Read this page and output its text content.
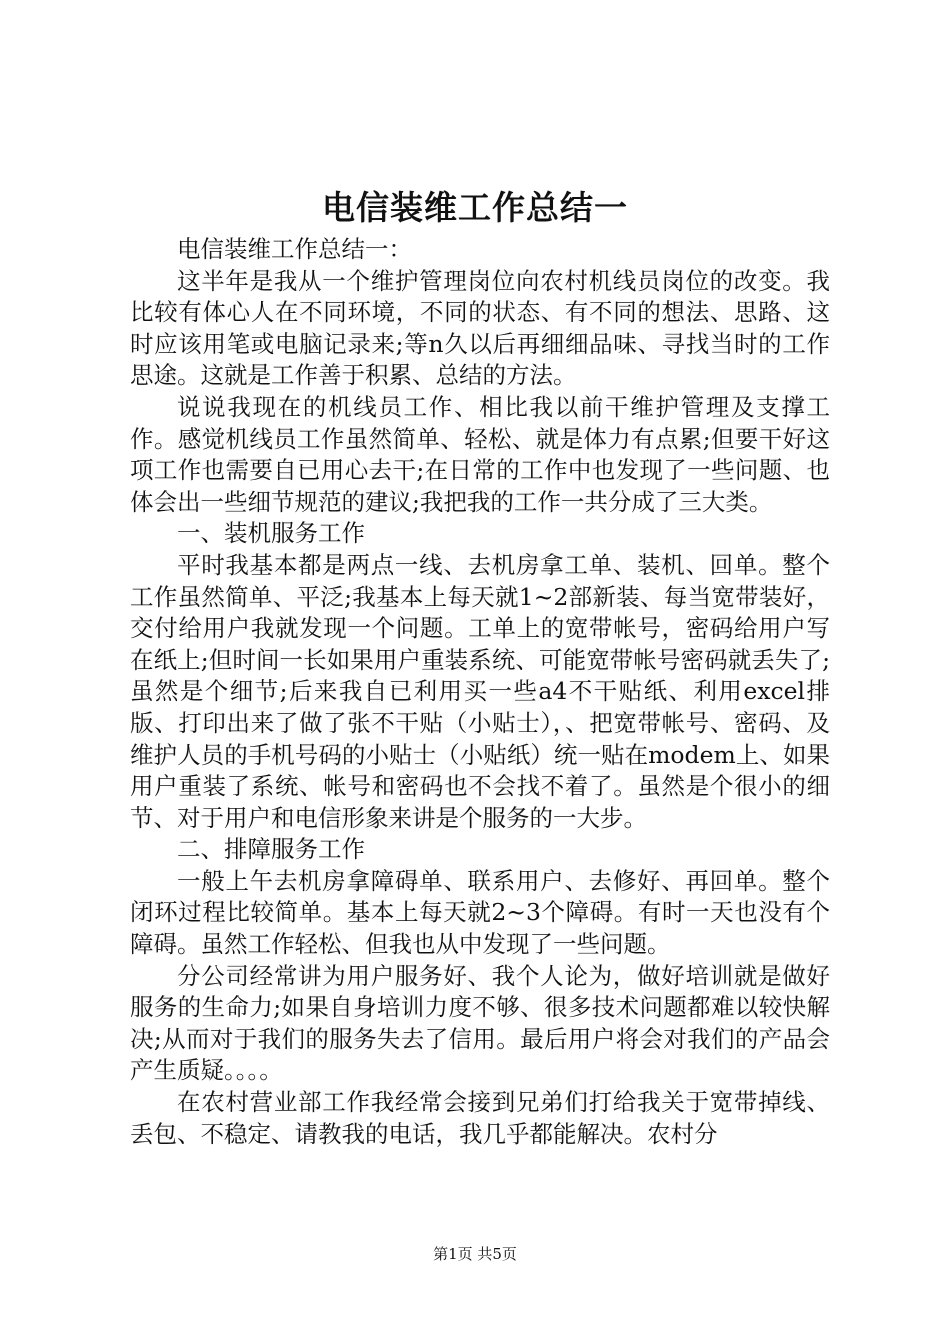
电信装维工作总结一

电信装维工作总结一：

这半年是我从一个维护管理岗位向农村机线员岗位的改变。我比较有体心人在不同环境，不同的状态、有不同的想法、思路、这时应该用笔或电脑记录来;等n久以后再细细品味、寻找当时的工作思途。这就是工作善于积累、总结的方法。

说说我现在的机线员工作、相比我以前干维护管理及支撑工作。感觉机线员工作虽然简单、轻松、就是体力有点累;但要干好这项工作也需要自已用心去干;在日常的工作中也发现了一些问题、也体会出一些细节规范的建议;我把我的工作一共分成了三大类。

一、装机服务工作

平时我基本都是两点一线、去机房拿工单、装机、回单。整个工作虽然简单、平泛;我基本上每天就1~2部新装、每当宽带装好，交付给用户我就发现一个问题。工单上的宽带帐号，密码给用户写在纸上;但时间一长如果用户重装系统、可能宽带帐号密码就丢失了;虽然是个细节;后来我自已利用买一些a4不干贴纸、利用excel排版、打印出来了做了张不干贴（小贴士），、把宽带帐号、密码、及维护人员的手机号码的小贴士（小贴纸）统一贴在modem上、如果用户重装了系统、帐号和密码也不会找不着了。虽然是个很小的细节、对于用户和电信形象来讲是个服务的一大步。

二、排障服务工作

一般上午去机房拿障碍单、联系用户、去修好、再回单。整个闭环过程比较简单。基本上每天就2~3个障碍。有时一天也没有个障碍。虽然工作轻松、但我也从中发现了一些问题。

分公司经常讲为用户服务好、我个人论为，做好培训就是做好服务的生命力;如果自身培训力度不够、很多技术问题都难以较快解决;从而对于我们的服务失去了信用。最后用户将会对我们的产品会产生质疑。。。。

在农村营业部工作我经常会接到兄弟们打给我关于宽带掉线、丢包、不稳定、请教我的电话，我几乎都能解决。农村分

第1页 共5页
